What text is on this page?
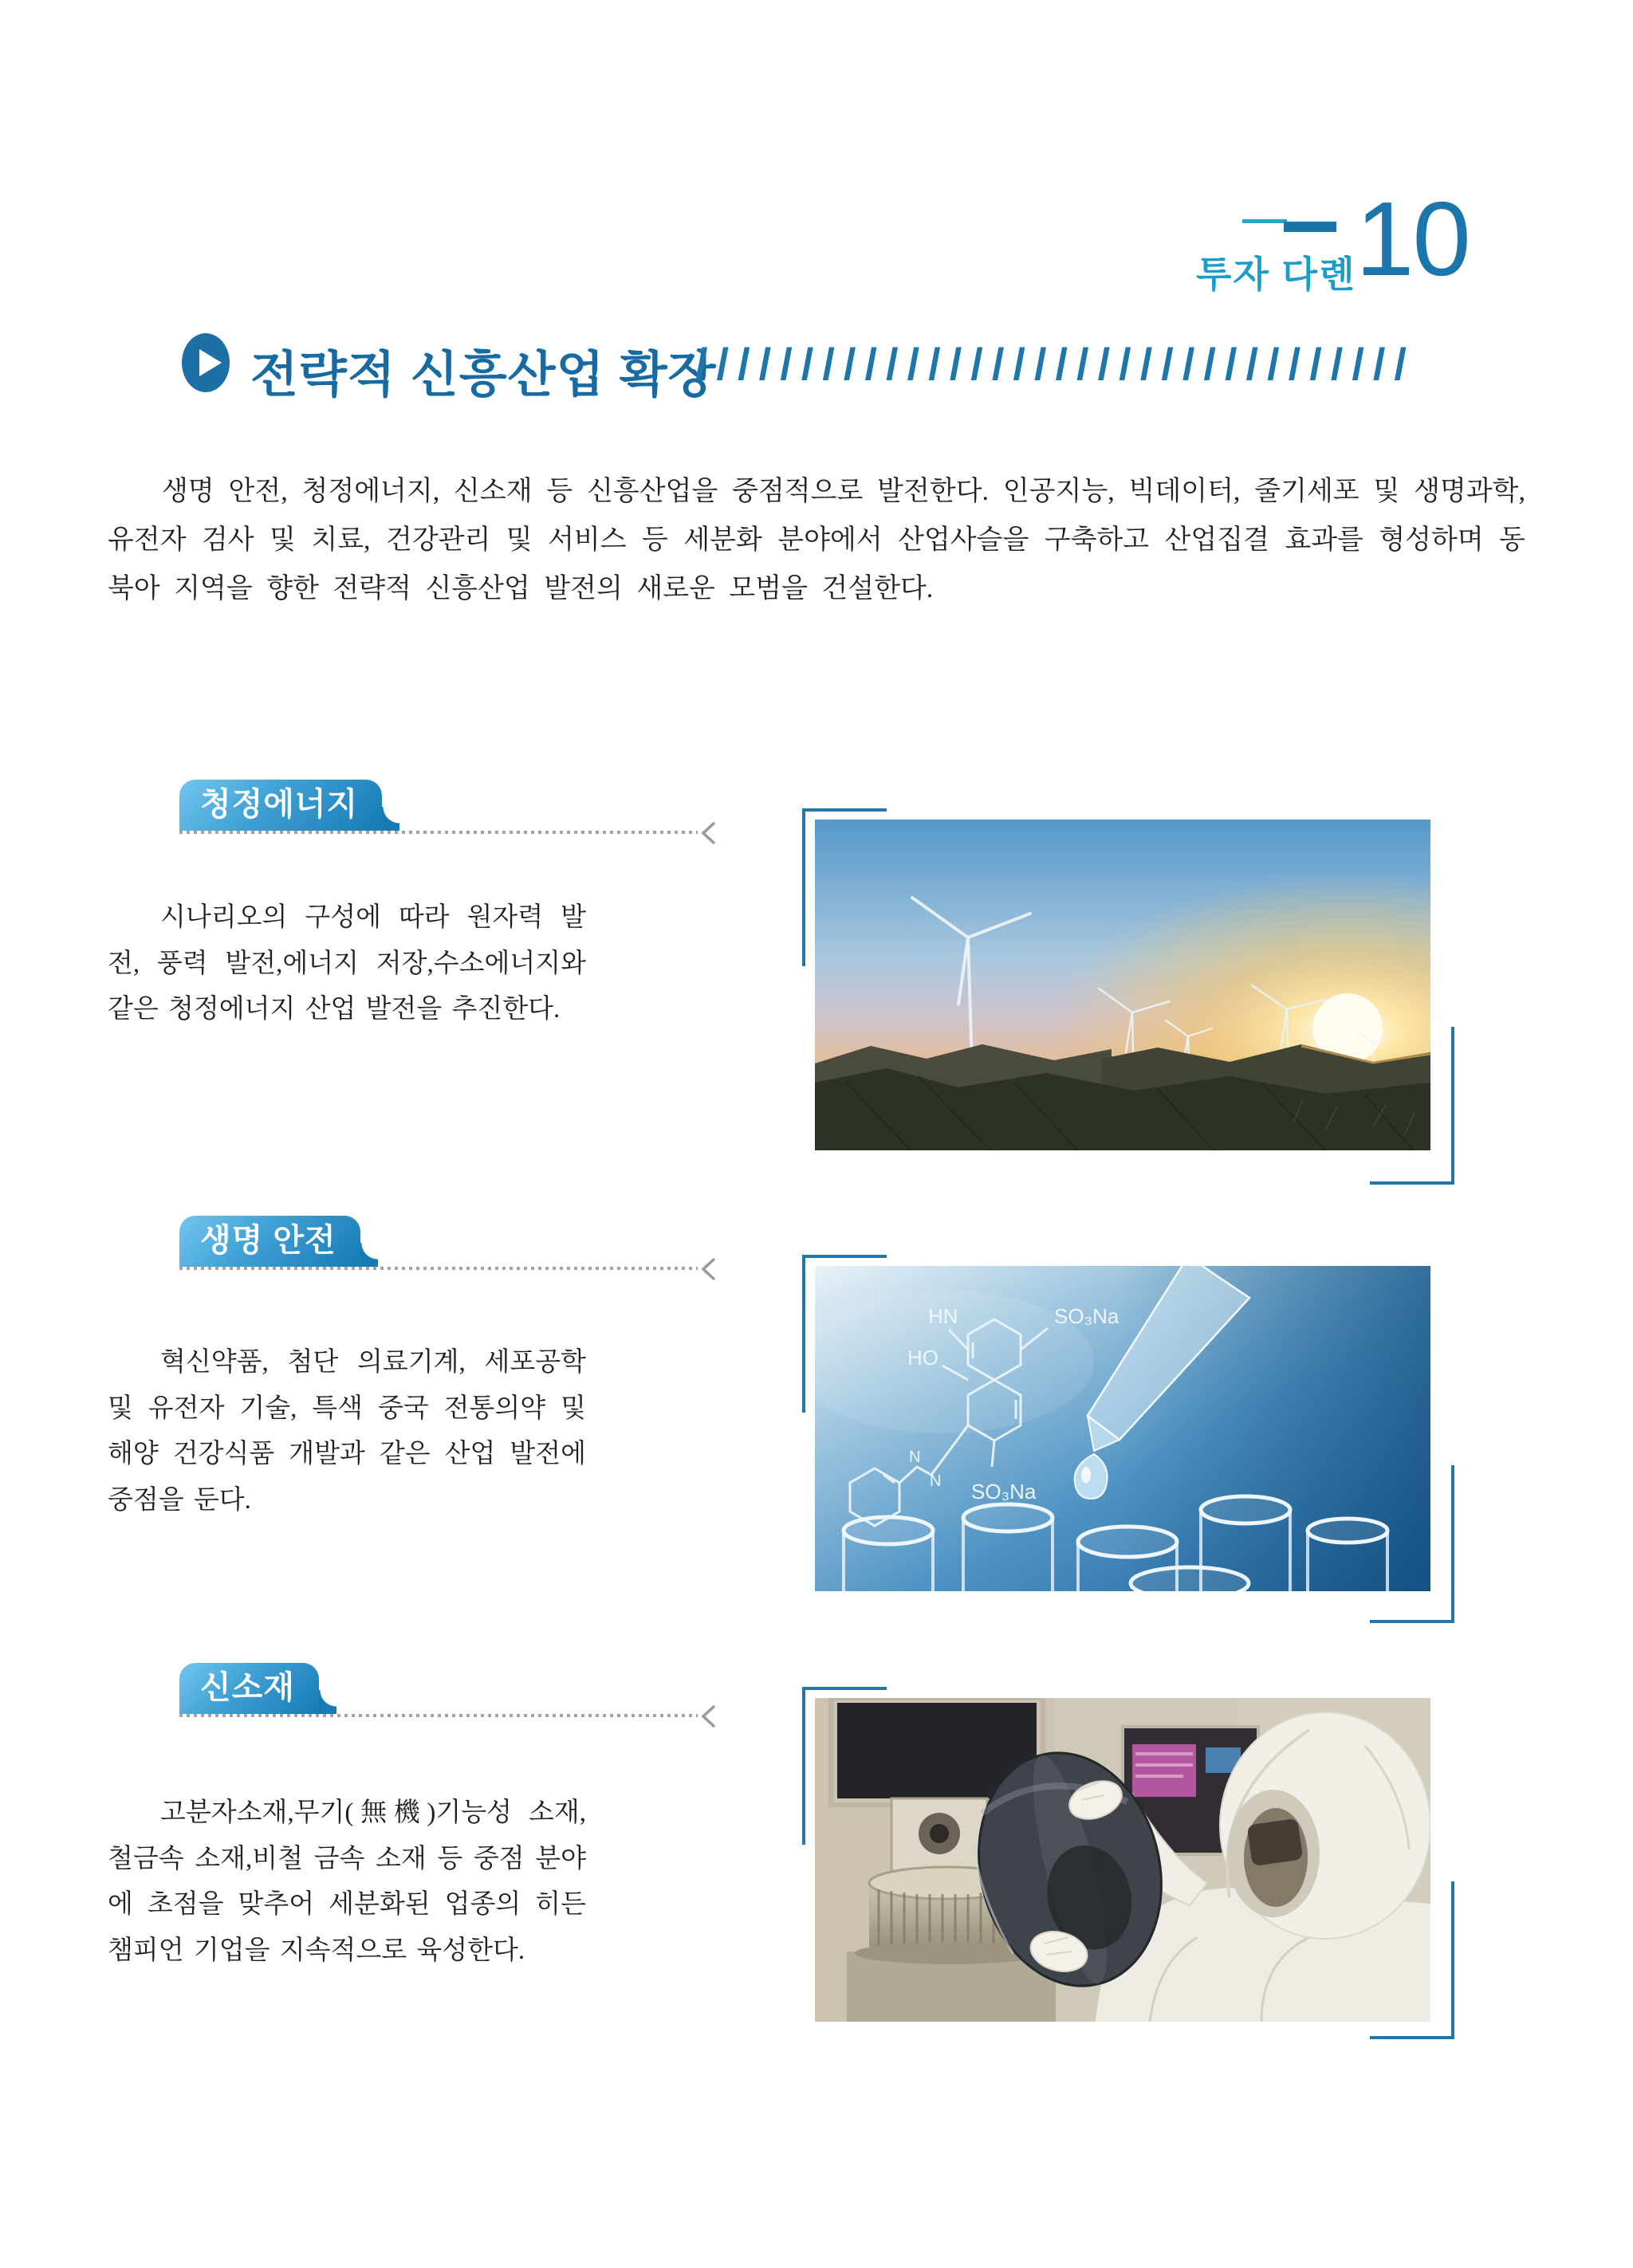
투자 다롄 10
전략적 신흥산업 확장
//////////////////////////////////

생명 안전, 청정에너지, 신소재 등 신흥산업을 중점적으로 발전한다. 인공지능, 빅데이터, 줄기세포 및 생명과학, 유전자 검사 및 치료, 건강관리 및 서비스 등 세분화 분야에서 산업사슬을 구축하고 산업집결 효과를 형성하며 동북아 지역을 향한 전략적 신흥산업 발전의 새로운 모범을 건설한다.

청정에너지

시나리오의 구성에 따라 원자력 발전, 풍력 발전,에너지 저장,수소에너지와 같은 청정에너지 산업 발전을 추진한다.

생명 안전

혁신약품, 첨단 의료기계, 세포공학 및 유전자 기술, 특색 중국 전통의약 및 해양 건강식품 개발과 같은 산업 발전에 중점을 둔다.

HN	SO₃Na
HO
N
N SO₃Na
신소재

고분자소재,무기(無機)기능성 소재, 철금속 소재,비철 금속 소재 등 중점 분야에 초점을 맞추어 세분화된 업종의 히든챔피언 기업을 지속적으로 육성한다.
